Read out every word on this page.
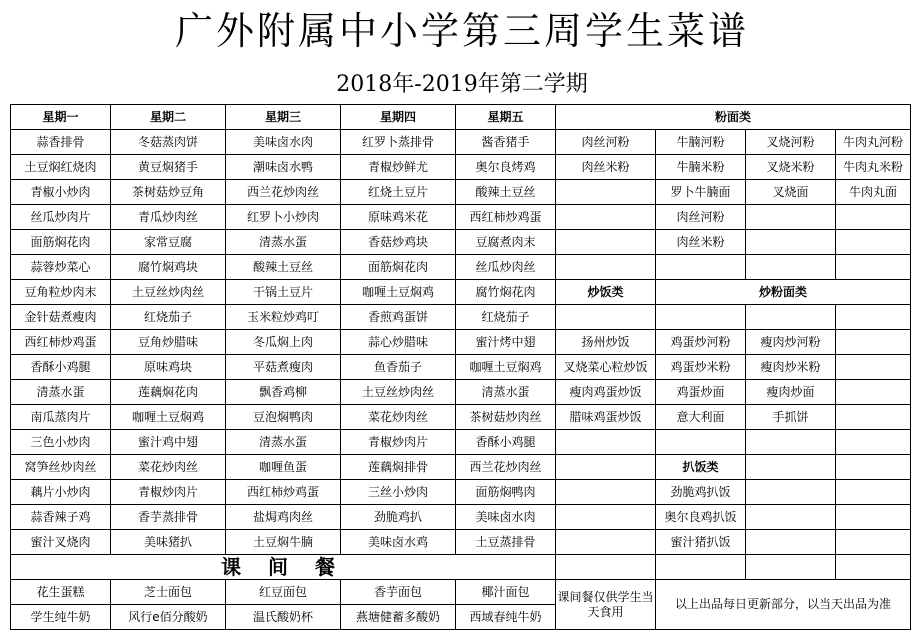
广外附属中小学第三周学生菜谱
2018年-2019年第二学期
星期一	星期二	星期三	星期四	星期五	粉面类			
蒜香排骨	冬菇蒸肉饼	美味卤水肉	红罗卜蒸排骨	酱香猪手	肉丝河粉	牛腩河粉	叉烧河粉	牛肉丸河粉
土豆焖红烧肉	黄豆焖猪手	潮味卤水鸭	青椒炒鲜尤	奥尔良烤鸡	肉丝米粉	牛腩米粉	叉烧米粉	牛肉丸米粉
青椒小炒肉	茶树菇炒豆角	西兰花炒肉丝	红烧土豆片	酸辣土豆丝		罗卜牛腩面	叉烧面	牛肉丸面
丝瓜炒肉片	青瓜炒肉丝	红罗卜小炒肉	原味鸡米花	西红柿炒鸡蛋		肉丝河粉		
面筋焖花肉	家常豆腐	清蒸水蛋	香菇炒鸡块	豆腐煮肉末		肉丝米粉		
蒜蓉炒菜心	腐竹焖鸡块	酸辣土豆丝	面筋焖花肉	丝瓜炒肉丝				
豆角粒炒肉末	土豆丝炒肉丝	干锅土豆片	咖喱土豆焖鸡	腐竹焖花肉	炒饭类	炒粉面类		
金针菇煮瘦肉	红烧茄子	玉米粒炒鸡叮	香煎鸡蛋饼	红烧茄子				
西红柿炒鸡蛋	豆角炒腊味	冬瓜焖上肉	蒜心炒腊味	蜜汁烤中翅	扬州炒饭	鸡蛋炒河粉	瘦肉炒河粉	
香酥小鸡腿	原味鸡块	平菇煮瘦肉	鱼香茄子	咖喱土豆焖鸡	叉烧菜心粒炒饭	鸡蛋炒米粉	瘦肉炒米粉	
清蒸水蛋	莲藕焖花肉	飘香鸡柳	土豆丝炒肉丝	清蒸水蛋	瘦肉鸡蛋炒饭	鸡蛋炒面	瘦肉炒面	
南瓜蒸肉片	咖喱土豆焖鸡	豆泡焖鸭肉	菜花炒肉丝	茶树菇炒肉丝	腊味鸡蛋炒饭	意大利面	手抓饼	
三色小炒肉	蜜汁鸡中翅	清蒸水蛋	青椒炒肉片	香酥小鸡腿				
窝笋丝炒肉丝	菜花炒肉丝	咖喱鱼蛋	莲藕焖排骨	西兰花炒肉丝		扒饭类		
藕片小炒肉	青椒炒肉片	西红柿炒鸡蛋	三丝小炒肉	面筋焖鸭肉		劲脆鸡扒饭		
蒜香辣子鸡	香芋蒸排骨	盐焗鸡肉丝	劲脆鸡扒	美味卤水肉		奥尔良鸡扒饭		
蜜汁叉烧肉	美味猪扒	土豆焖牛腩	美味卤水鸡	土豆蒸排骨		蜜汁猪扒饭		
课 间 餐								
花生蛋糕	芝士面包	红豆面包	香芋面包	椰汁面包	课间餐仅供学生当天食用	以上出品每日更新部分，以当天出品为准		
学生纯牛奶	风行e佰分酸奶	温氏酸奶杯	燕塘健蓄多酸奶	西域春纯牛奶				
